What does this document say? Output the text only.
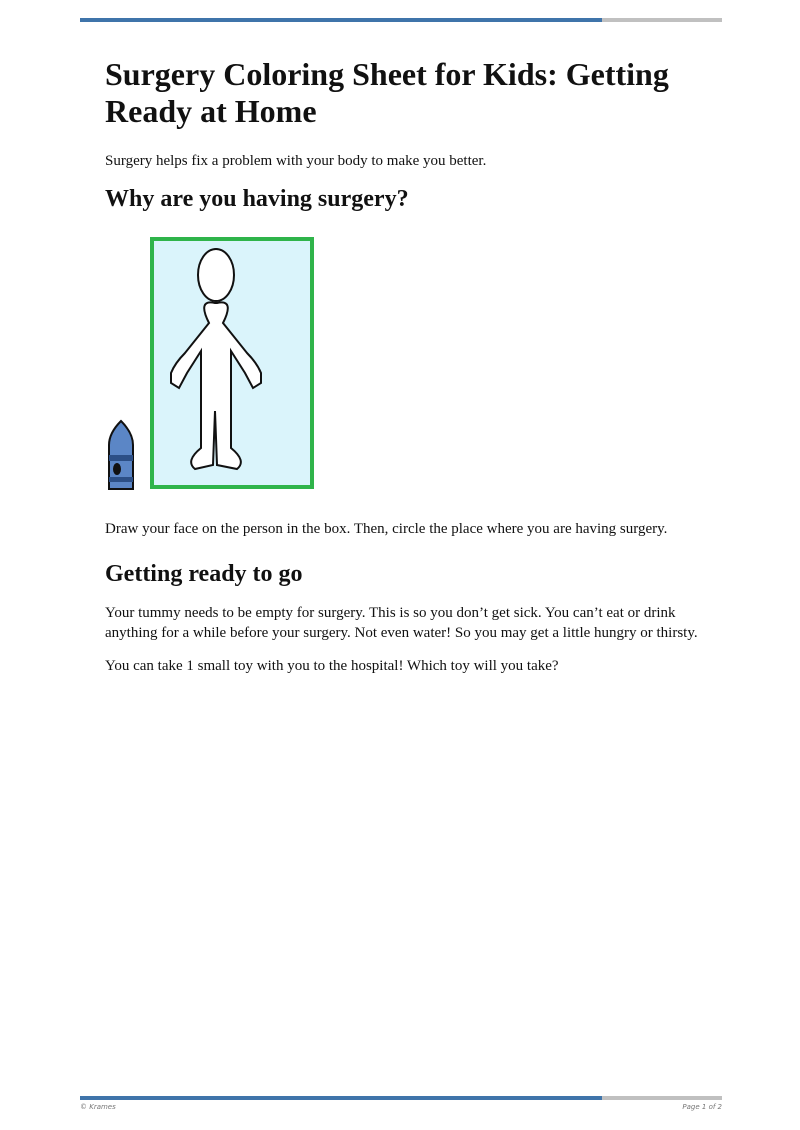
Surgery Coloring Sheet for Kids: Getting Ready at Home

Surgery helps fix a problem with your body to make you better.

Why are you having surgery?

Draw your face on the person in the box. Then, circle the place where you are having surgery.

Getting ready to go

Your tummy needs to be empty for surgery. This is so you don’t get sick. You can’t eat or drink anything for a while before your surgery. Not even water! So you may get a little hungry or thirsty.

You can take 1 small toy with you to the hospital! Which toy will you take?

© Krames	Page 1 of 2
